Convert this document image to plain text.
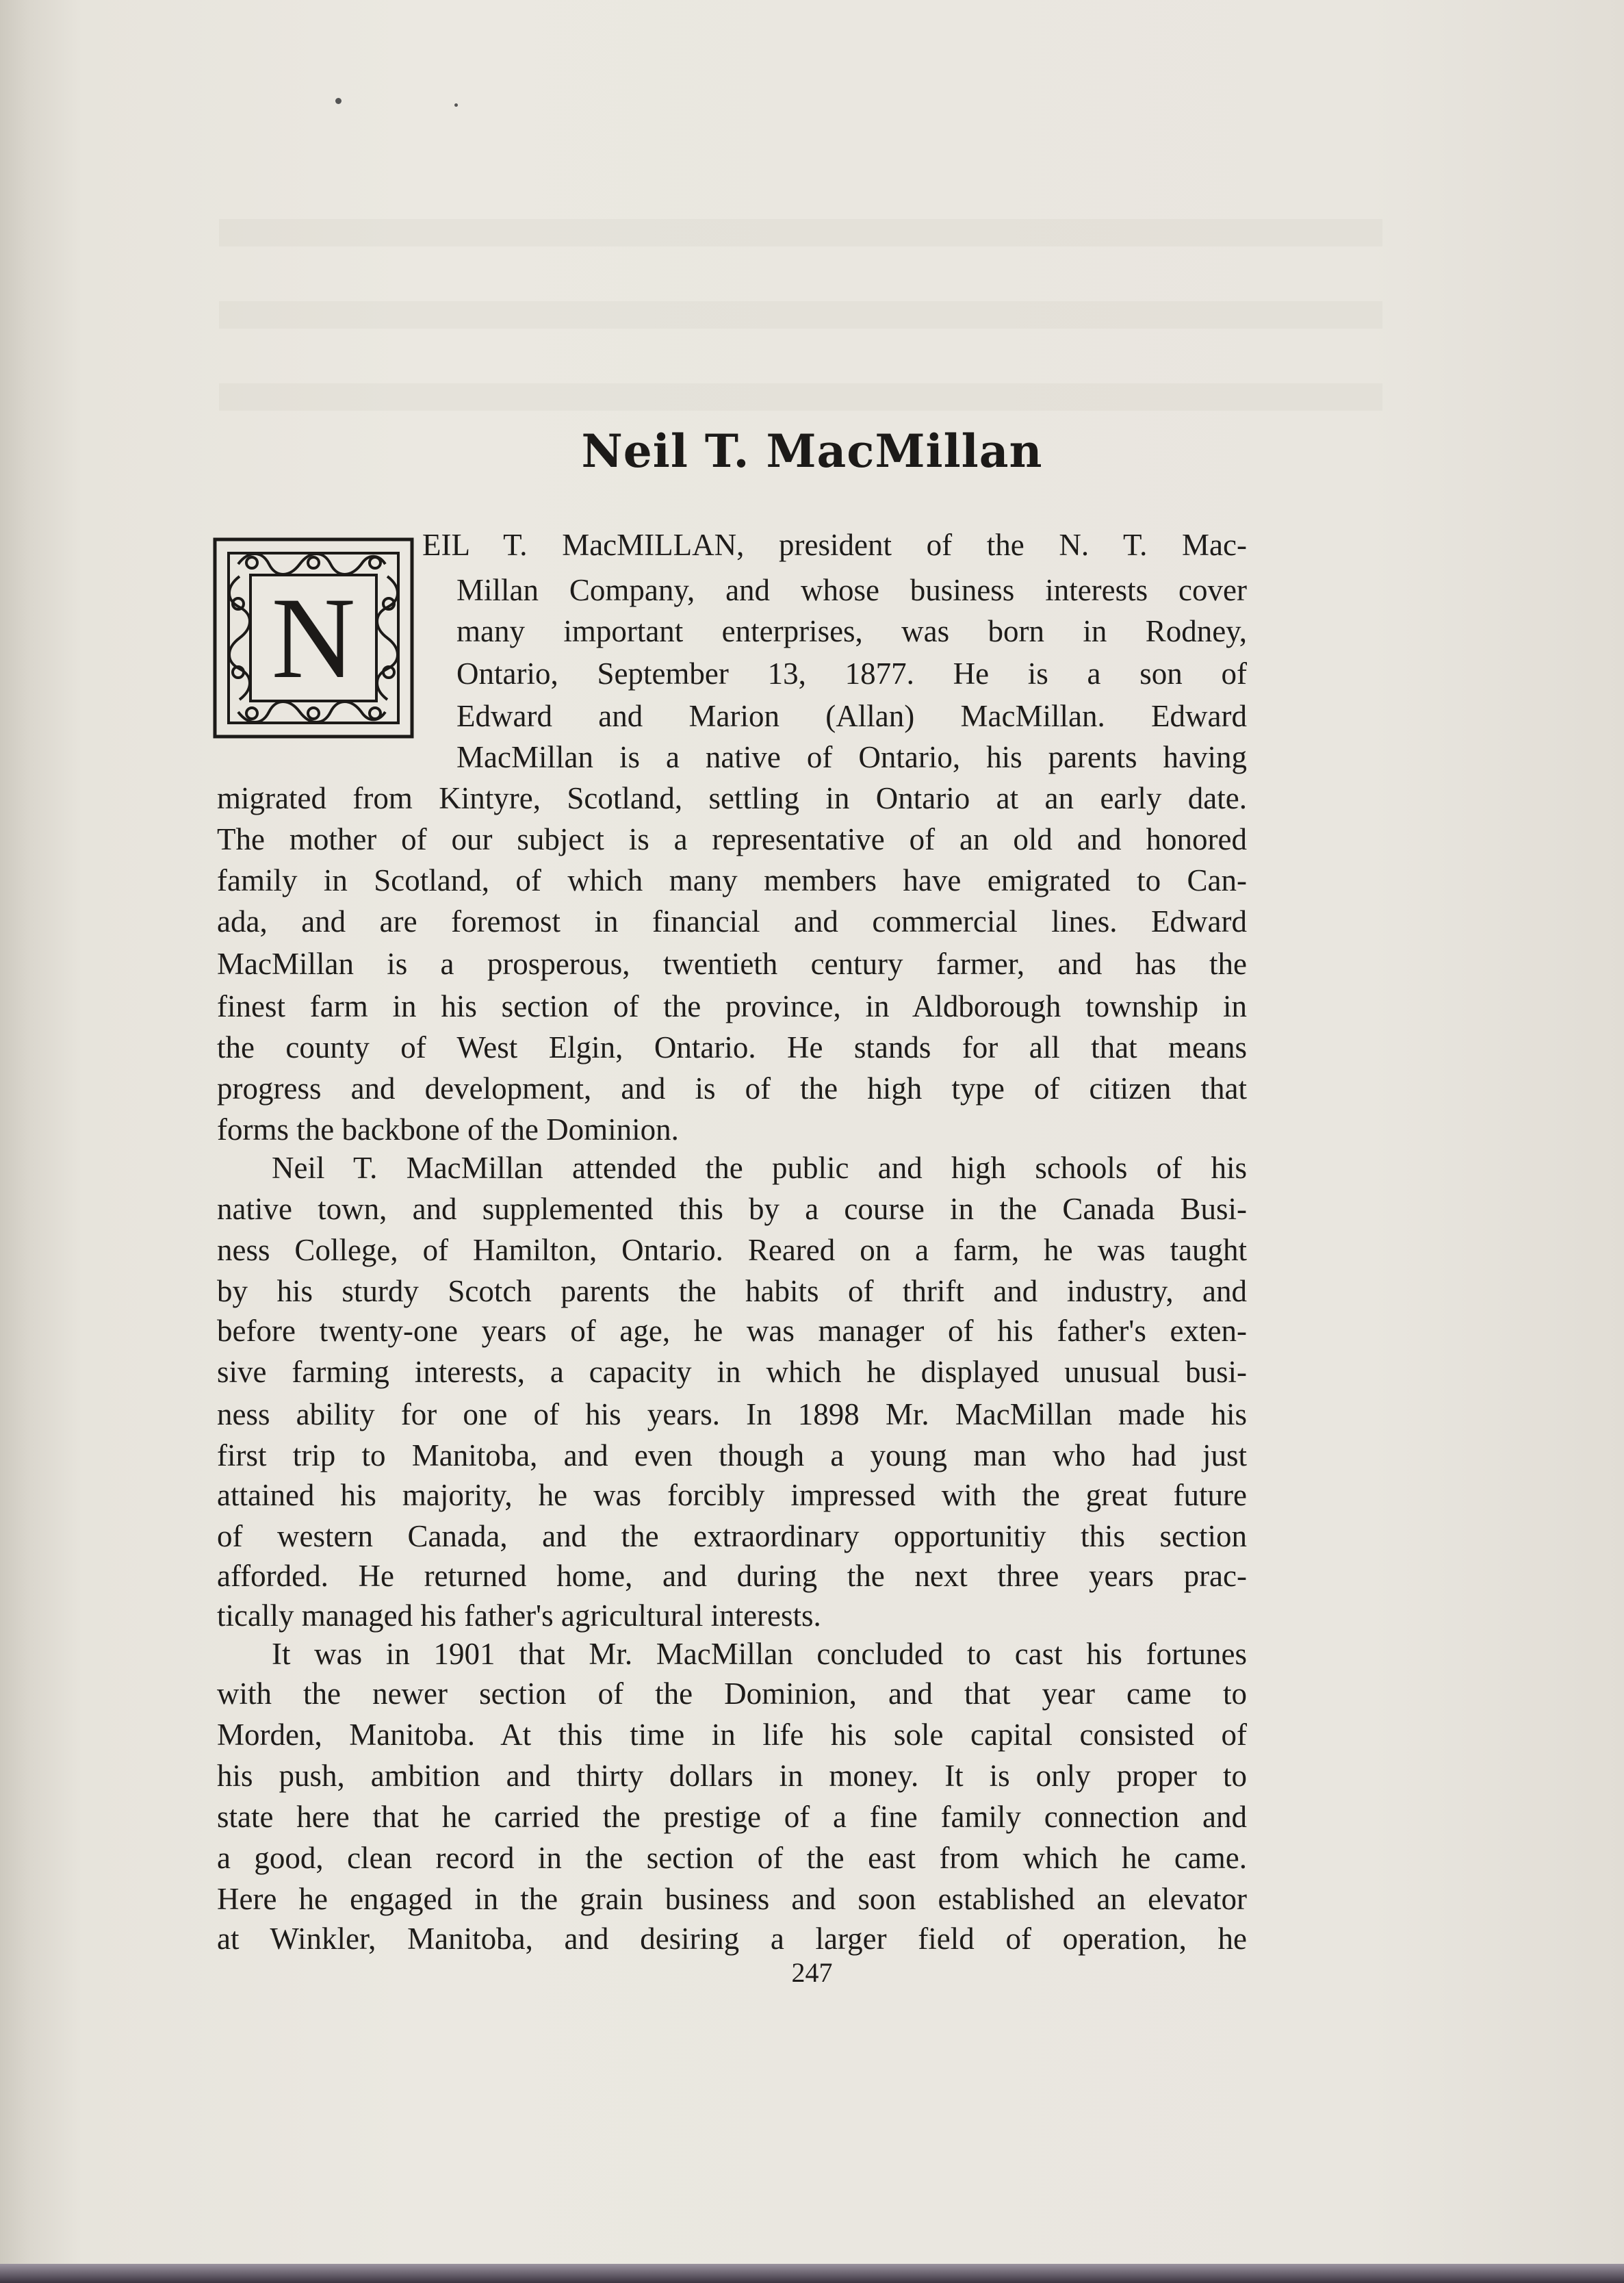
Neil T. MacMillan
N
EIL T. MacMILLAN, president of the N. T. Mac-
Millan Company, and whose business interests cover
many important enterprises, was born in Rodney,
Ontario, September 13, 1877. He is a son of
Edward and Marion (Allan) MacMillan. Edward
MacMillan is a native of Ontario, his parents having
migrated from Kintyre, Scotland, settling in Ontario at an early date.
The mother of our subject is a representative of an old and honored
family in Scotland, of which many members have emigrated to Can-
ada, and are foremost in financial and commercial lines. Edward
MacMillan is a prosperous, twentieth century farmer, and has the
finest farm in his section of the province, in Aldborough township in
the county of West Elgin, Ontario. He stands for all that means
progress and development, and is of the high type of citizen that
forms the backbone of the Dominion.
Neil T. MacMillan attended the public and high schools of his
native town, and supplemented this by a course in the Canada Busi-
ness College, of Hamilton, Ontario. Reared on a farm, he was taught
by his sturdy Scotch parents the habits of thrift and industry, and
before twenty-one years of age, he was manager of his father's exten-
sive farming interests, a capacity in which he displayed unusual busi-
ness ability for one of his years. In 1898 Mr. MacMillan made his
first trip to Manitoba, and even though a young man who had just
attained his majority, he was forcibly impressed with the great future
of western Canada, and the extraordinary opportunitiy this section
afforded. He returned home, and during the next three years prac-
tically managed his father's agricultural interests.
It was in 1901 that Mr. MacMillan concluded to cast his fortunes
with the newer section of the Dominion, and that year came to
Morden, Manitoba. At this time in life his sole capital consisted of
his push, ambition and thirty dollars in money. It is only proper to
state here that he carried the prestige of a fine family connection and
a good, clean record in the section of the east from which he came.
Here he engaged in the grain business and soon established an elevator
at Winkler, Manitoba, and desiring a larger field of operation, he
247
